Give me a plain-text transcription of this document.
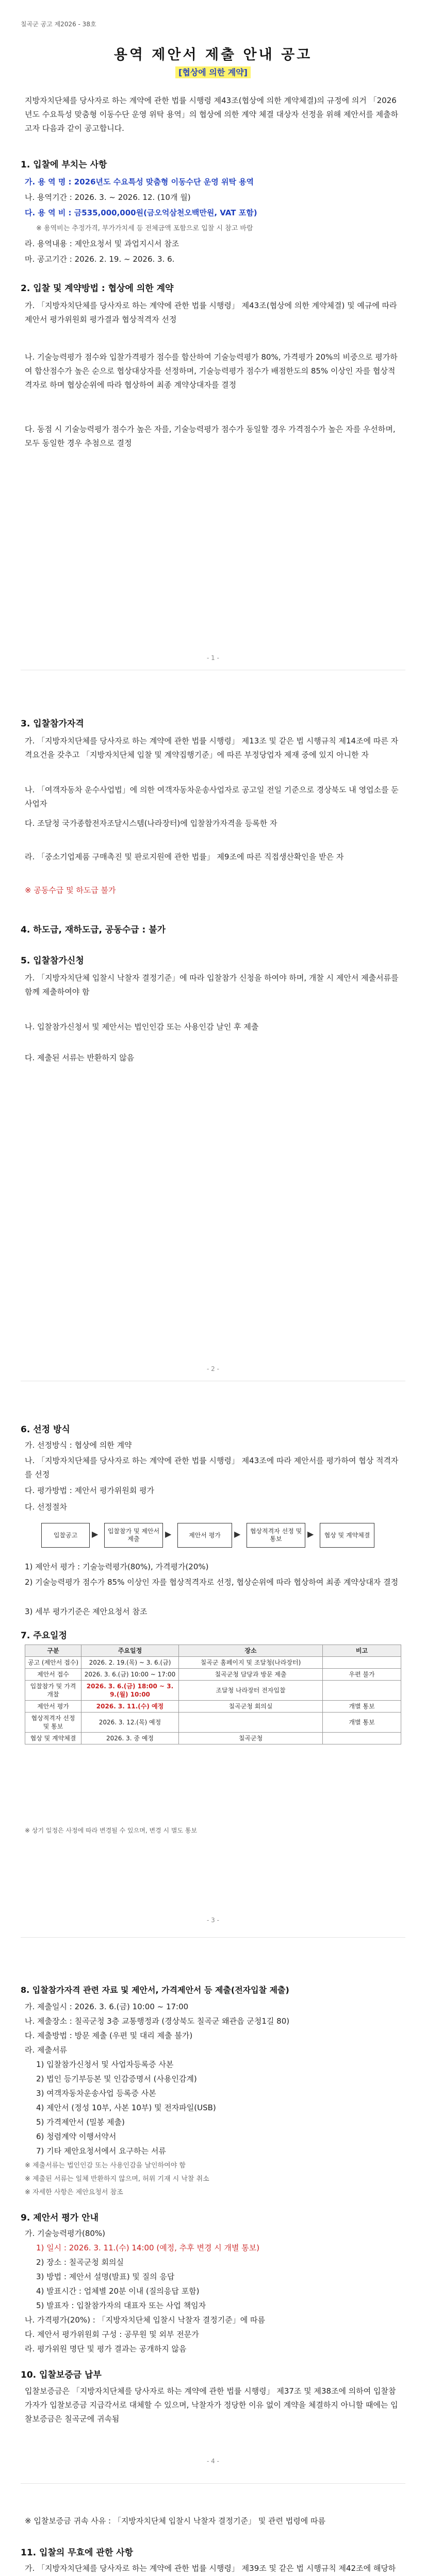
칠곡군 공고 제2026 - 38호
용역 제안서 제출 안내 공고
[협상에 의한 계약]
지방자치단체를 당사자로 하는 계약에 관한 법률 시행령 제43조(협상에 의한 계약체결)의 규정에 의거 「2026년도 수요특성 맞춤형 이동수단 운영 위탁 용역」의 협상에 의한 계약 체결 대상자 선정을 위해 제안서를 제출하고자 다음과 같이 공고합니다.
1. 입찰에 부치는 사항
가. 용 역 명 : 2026년도 수요특성 맞춤형 이동수단 운영 위탁 용역
나. 용역기간 : 2026. 3. ~ 2026. 12. (10개 월)
다. 용 역 비 : 금535,000,000원(금오억삼천오백만원, VAT 포함)
※ 용역비는 추정가격, 부가가치세 등 전체금액 포함으로 입찰 시 참고 바람
라. 용역내용 : 제안요청서 및 과업지시서 참조
마. 공고기간 : 2026. 2. 19. ~ 2026. 3. 6.
2. 입찰 및 계약방법 : 협상에 의한 계약
가. 「지방자치단체를 당사자로 하는 계약에 관한 법률 시행령」 제43조(협상에 의한 계약체결) 및 예규에 따라 제안서 평가위원회 평가결과 협상적격자 선정
나. 기술능력평가 점수와 입찰가격평가 점수를 합산하여 기술능력평가 80%, 가격평가 20%의 비중으로 평가하여 합산점수가 높은 순으로 협상대상자를 선정하며, 기술능력평가 점수가 배점한도의 85% 이상인 자를 협상적격자로 하며 협상순위에 따라 협상하여 최종 계약상대자를 결정
다. 동점 시 기술능력평가 점수가 높은 자를, 기술능력평가 점수가 동일할 경우 가격점수가 높은 자를 우선하며, 모두 동일한 경우 추첨으로 결정
- 1 -
3. 입찰참가자격
가. 「지방자치단체를 당사자로 하는 계약에 관한 법률 시행령」 제13조 및 같은 법 시행규칙 제14조에 따른 자격요건을 갖추고 「지방자치단체 입찰 및 계약집행기준」에 따른 부정당업자 제재 중에 있지 아니한 자
나. 「여객자동차 운수사업법」에 의한 여객자동차운송사업자로 공고일 전일 기준으로 경상북도 내 영업소를 둔 사업자
다. 조달청 국가종합전자조달시스템(나라장터)에 입찰참가자격을 등록한 자
라. 「중소기업제품 구매촉진 및 판로지원에 관한 법률」 제9조에 따른 직접생산확인을 받은 자
※ 공동수급 및 하도급 불가
4. 하도급, 재하도급, 공동수급 : 불가
5. 입찰참가신청
가. 「지방자치단체 입찰시 낙찰자 결정기준」에 따라 입찰참가 신청을 하여야 하며, 개찰 시 제안서 제출서류를 함께 제출하여야 함
나. 입찰참가신청서 및 제안서는 법인인감 또는 사용인감 날인 후 제출
다. 제출된 서류는 반환하지 않음
- 2 -
6. 선정 방식
가. 선정방식 : 협상에 의한 계약
나. 「지방자치단체를 당사자로 하는 계약에 관한 법률 시행령」 제43조에 따라 제안서를 평가하여 협상 적격자를 선정
다. 평가방법 : 제안서 평가위원회 평가
다. 선정절차
입찰공고	▶	입찰참가 및 제안서 제출	▶	제안서 평가	▶	협상적격자 선정 및 통보	▶	협상 및 계약체결
1) 제안서 평가 : 기술능력평가(80%), 가격평가(20%)
2) 기술능력평가 점수가 85% 이상인 자를 협상적격자로 선정, 협상순위에 따라 협상하여 최종 계약상대자 결정
3) 세부 평가기준은 제안요청서 참조
7. 주요일정
구분	주요일정	장소	비고
공고 (제안서 접수)	2026. 2. 19.(목) ~ 3. 6.(금)	칠곡군 홈페이지 및 조달청(나라장터)	
제안서 접수	2026. 3. 6.(금) 10:00 ~ 17:00	칠곡군청 담당과 방문 제출	우편 불가
입찰참가 및 가격개찰	2026. 3. 6.(금) 18:00 ~ 3. 9.(월) 10:00	조달청 나라장터 전자입찰	
제안서 평가	2026. 3. 11.(수) 예정	칠곡군청 회의실	개별 통보
협상적격자 선정 및 통보	2026. 3. 12.(목) 예정		개별 통보
협상 및 계약체결	2026. 3. 중 예정	칠곡군청	
※ 상기 일정은 사정에 따라 변경될 수 있으며, 변경 시 별도 통보
- 3 -
8. 입찰참가자격 관련 자료 및 제안서, 가격제안서 등 제출(전자입찰 제출)
가. 제출일시 : 2026. 3. 6.(금) 10:00 ~ 17:00
나. 제출장소 : 칠곡군청 3층 교통행정과 (경상북도 칠곡군 왜관읍 군청1길 80)
다. 제출방법 : 방문 제출 (우편 및 대리 제출 불가)
라. 제출서류
1) 입찰참가신청서 및 사업자등록증 사본
2) 법인 등기부등본 및 인감증명서 (사용인감계)
3) 여객자동차운송사업 등록증 사본
4) 제안서 (정성 10부, 사본 10부) 및 전자파일(USB)
5) 가격제안서 (밀봉 제출)
6) 청렴계약 이행서약서
7) 기타 제안요청서에서 요구하는 서류
※ 제출서류는 법인인감 또는 사용인감을 날인하여야 함
※ 제출된 서류는 일체 반환하지 않으며, 허위 기재 시 낙찰 취소
※ 자세한 사항은 제안요청서 참조
9. 제안서 평가 안내
가. 기술능력평가(80%)
1) 일시 : 2026. 3. 11.(수) 14:00 (예정, 추후 변경 시 개별 통보)
2) 장소 : 칠곡군청 회의실
3) 방법 : 제안서 설명(발표) 및 질의 응답
4) 발표시간 : 업체별 20분 이내 (질의응답 포함)
5) 발표자 : 입찰참가자의 대표자 또는 사업 책임자
나. 가격평가(20%) : 「지방자치단체 입찰시 낙찰자 결정기준」에 따름
다. 제안서 평가위원회 구성 : 공무원 및 외부 전문가
라. 평가위원 명단 및 평가 결과는 공개하지 않음
10. 입찰보증금 납부
입찰보증금은 「지방자치단체를 당사자로 하는 계약에 관한 법률 시행령」 제37조 및 제38조에 의하여 입찰참가자가 입찰보증금 지급각서로 대체할 수 있으며, 낙찰자가 정당한 이유 없이 계약을 체결하지 아니할 때에는 입찰보증금은 칠곡군에 귀속됨
- 4 -
※ 입찰보증금 귀속 사유 : 「지방자치단체 입찰시 낙찰자 결정기준」 및 관련 법령에 따름
11. 입찰의 무효에 관한 사항
가. 「지방자치단체를 당사자로 하는 계약에 관한 법률 시행령」 제39조 및 같은 법 시행규칙 제42조에 해당하
